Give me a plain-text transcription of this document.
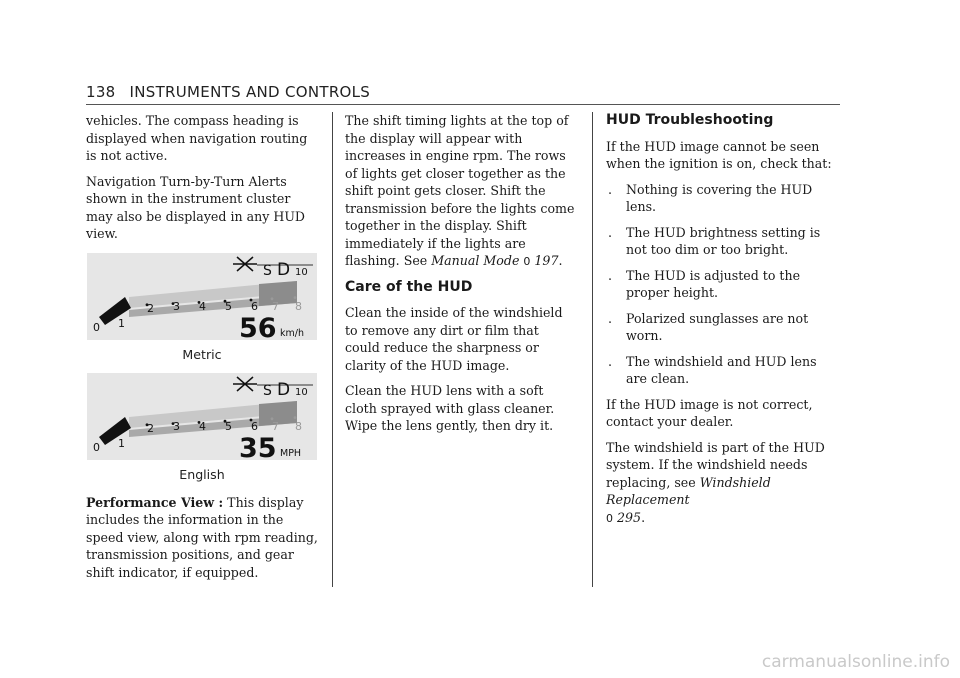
138 INSTRUMENTS AND CONTROLS

vehicles. The compass heading is displayed when navigation routing is not active.

Navigation Turn-by-Turn Alerts shown in the instrument cluster may also be displayed in any HUD view.

0 1
2 3 4 5 6 7 8
S D 10
56 km/h
Metric
0 1
2 3 4 5 6 7 8
S D 10
35 MPH
English

Performance View : This display includes the information in the speed view, along with rpm reading, transmission positions, and gear shift indicator, if equipped.

The shift timing lights at the top of the display will appear with increases in engine rpm. The rows of lights get closer together as the shift point gets closer. Shift the transmission before the lights come together in the display. Shift immediately if the lights are flashing. See Manual Mode 0 197.

Care of the HUD

Clean the inside of the windshield to remove any dirt or film that could reduce the sharpness or clarity of the HUD image.

Clean the HUD lens with a soft cloth sprayed with glass cleaner. Wipe the lens gently, then dry it.

HUD Troubleshooting

If the HUD image cannot be seen when the ignition is on, check that:

. Nothing is covering the HUD lens.
. The HUD brightness setting is not too dim or too bright.
. The HUD is adjusted to the proper height.
. Polarized sunglasses are not worn.
. The windshield and HUD lens are clean.

If the HUD image is not correct, contact your dealer.

The windshield is part of the HUD system. If the windshield needs replacing, see Windshield Replacement
0 295.

carmanualsonline.info
